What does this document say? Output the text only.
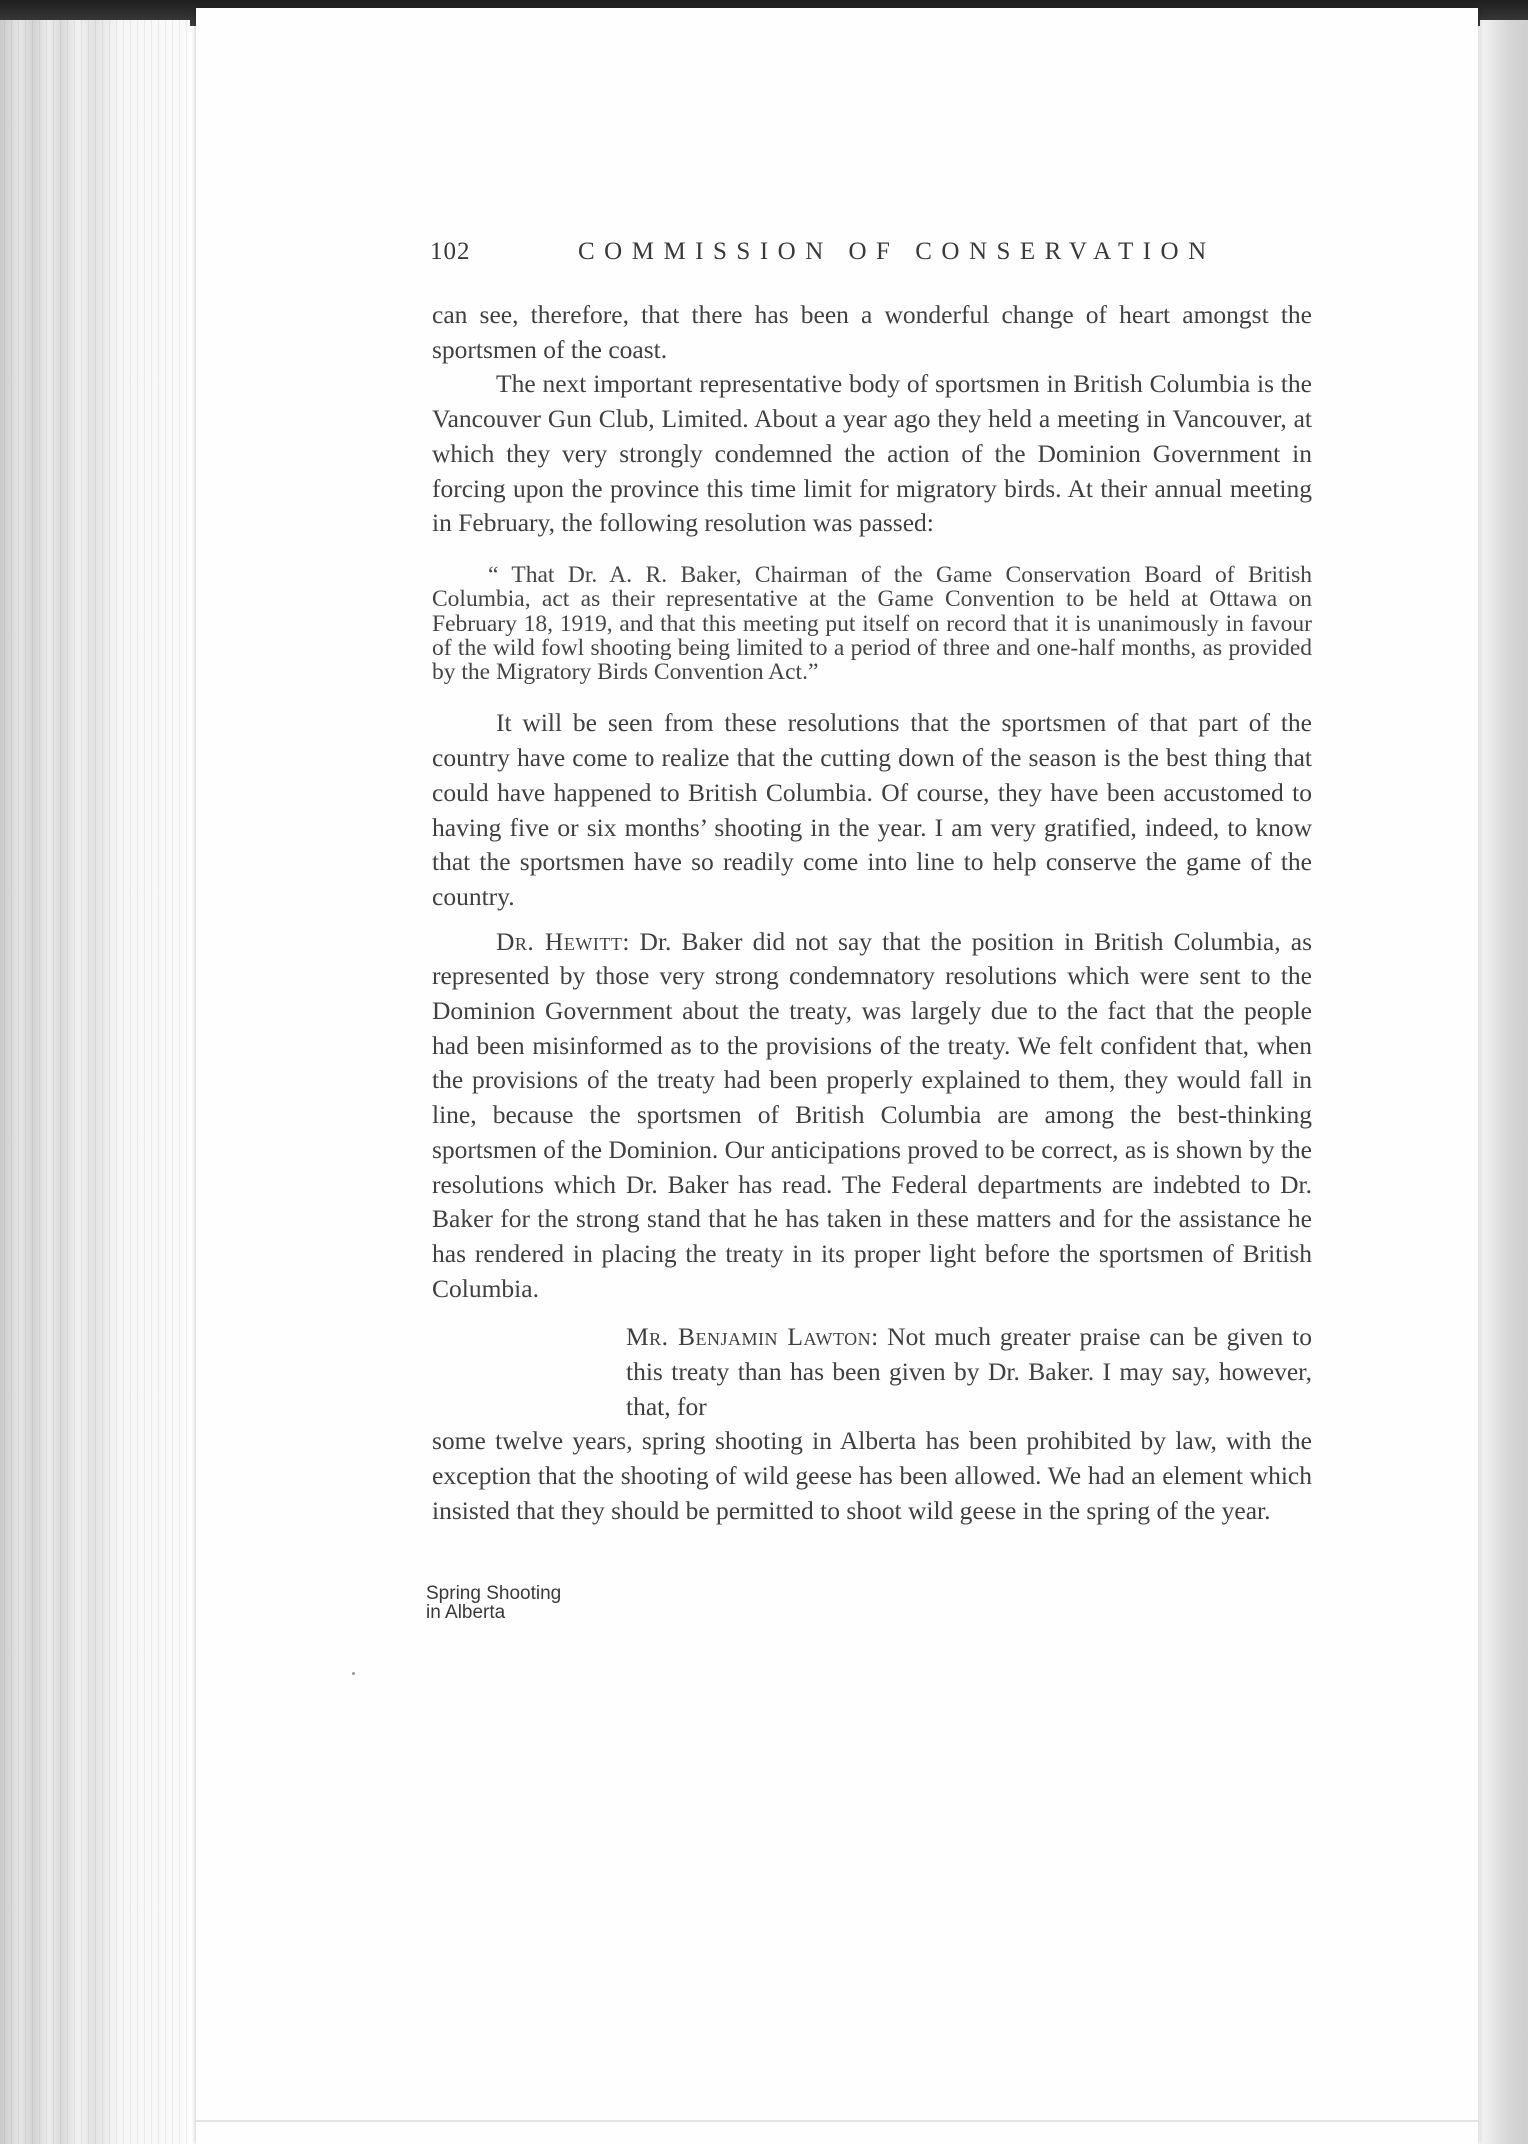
102	COMMISSION OF CONSERVATION
Spring Shooting
in Alberta

can see, therefore, that there has been a wonderful change of heart amongst the sportsmen of the coast.

The next important representative body of sportsmen in British Columbia is the Vancouver Gun Club, Limited. About a year ago they held a meeting in Vancouver, at which they very strongly condemned the action of the Dominion Government in forcing upon the province this time limit for migratory birds. At their annual meeting in February, the following resolution was passed:

“ That Dr. A. R. Baker, Chairman of the Game Conservation Board of British Columbia, act as their representative at the Game Convention to be held at Ottawa on February 18, 1919, and that this meeting put itself on record that it is unanimously in favour of the wild fowl shooting being limited to a period of three and one-half months, as provided by the Migratory Birds Convention Act.”

It will be seen from these resolutions that the sportsmen of that part of the country have come to realize that the cutting down of the season is the best thing that could have happened to British Columbia. Of course, they have been accustomed to having five or six months’ shooting in the year. I am very gratified, indeed, to know that the sportsmen have so readily come into line to help conserve the game of the country.

Dr. Hewitt: Dr. Baker did not say that the position in British Columbia, as represented by those very strong condemnatory resolutions which were sent to the Dominion Government about the treaty, was largely due to the fact that the people had been misinformed as to the provisions of the treaty. We felt confident that, when the provisions of the treaty had been properly explained to them, they would fall in line, because the sportsmen of British Columbia are among the best-thinking sportsmen of the Dominion. Our anticipations proved to be correct, as is shown by the resolutions which Dr. Baker has read. The Federal departments are indebted to Dr. Baker for the strong stand that he has taken in these matters and for the assistance he has rendered in placing the treaty in its proper light before the sportsmen of British Columbia.

Mr. Benjamin Lawton: Not much greater praise can be given to this treaty than has been given by Dr. Baker. I may say, however, that, for

some twelve years, spring shooting in Alberta has been prohibited by law, with the exception that the shooting of wild geese has been allowed. We had an element which insisted that they should be permitted to shoot wild geese in the spring of the year.
